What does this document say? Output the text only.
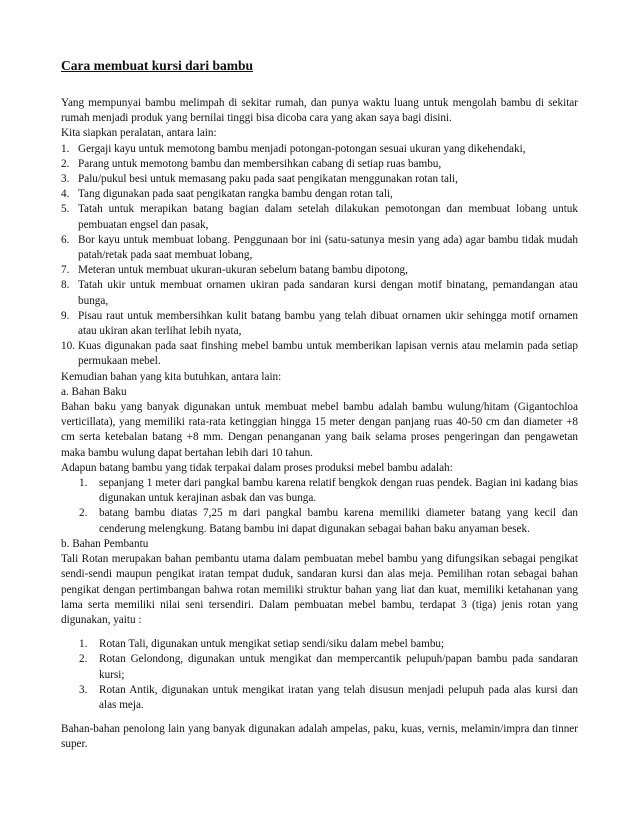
Cara membuat kursi dari bambu

Yang mempunyai bambu melimpah di sekitar rumah, dan punya waktu luang untuk mengolah bambu di sekitar rumah menjadi produk yang bernilai tinggi bisa dicoba cara yang akan saya bagi disini.

Kita siapkan peralatan, antara lain:

1. Gergaji kayu untuk memotong bambu menjadi potongan-potongan sesuai ukuran yang dikehendaki,
2. Parang untuk memotong bambu dan membersihkan cabang di setiap ruas bambu,
3. Palu/pukul besi untuk memasang paku pada saat pengikatan menggunakan rotan tali,
4. Tang digunakan pada saat pengikatan rangka bambu dengan rotan tali,
5. Tatah untuk merapikan batang bagian dalam setelah dilakukan pemotongan dan membuat lobang untuk pembuatan engsel dan pasak,
6. Bor kayu untuk membuat lobang. Penggunaan bor ini (satu-satunya mesin yang ada) agar bambu tidak mudah patah/retak pada saat membuat lobang,
7. Meteran untuk membuat ukuran-ukuran sebelum batang bambu dipotong,
8. Tatah ukir untuk membuat ornamen ukiran pada sandaran kursi dengan motif binatang, pemandangan atau bunga,
9. Pisau raut untuk membersihkan kulit batang bambu yang telah dibuat ornamen ukir sehingga motif ornamen atau ukiran akan terlihat lebih nyata,
10. Kuas digunakan pada saat finshing mebel bambu untuk memberikan lapisan vernis atau melamin pada setiap permukaan mebel.

Kemudian bahan yang kita butuhkan, antara lain:

a. Bahan Baku

Bahan baku yang banyak digunakan untuk membuat mebel bambu adalah bambu wulung/hitam (Gigantochloa verticillata), yang memiliki rata-rata ketinggian hingga 15 meter dengan panjang ruas 40-50 cm dan diameter +8 cm serta ketebalan batang +8 mm. Dengan penanganan yang baik selama proses pengeringan dan pengawetan maka bambu wulung dapat bertahan lebih dari 10 tahun.

Adapun batang bambu yang tidak terpakai dalam proses produksi mebel bambu adalah:

1.	sepanjang 1 meter dari pangkal bambu karena relatif bengkok dengan ruas pendek. Bagian ini kadang bias digunakan untuk kerajinan asbak dan vas bunga.
2.	batang bambu diatas 7,25 m dari pangkal bambu karena memiliki diameter batang yang kecil dan cenderung melengkung. Batang bambu ini dapat digunakan sebagai bahan baku anyaman besek.

b. Bahan Pembantu

Tali Rotan merupakan bahan pembantu utama dalam pembuatan mebel bambu yang difungsikan sebagai pengikat sendi-sendi maupun pengikat iratan tempat duduk, sandaran kursi dan alas meja. Pemilihan rotan sebagai bahan pengikat dengan pertimbangan bahwa rotan memiliki struktur bahan yang liat dan kuat, memiliki ketahanan yang lama serta memiliki nilai seni tersendiri. Dalam pembuatan mebel bambu, terdapat 3 (tiga) jenis rotan yang digunakan, yaitu :

1.	Rotan Tali, digunakan untuk mengikat setiap sendi/siku dalam mebel bambu;
2.	Rotan Gelondong, digunakan untuk mengikat dan mempercantik pelupuh/papan bambu pada sandaran kursi;
3.	Rotan Antik, digunakan untuk mengikat iratan yang telah disusun menjadi pelupuh pada alas kursi dan alas meja.

Bahan-bahan penolong lain yang banyak digunakan adalah ampelas, paku, kuas, vernis, melamin/impra dan tinner super.
